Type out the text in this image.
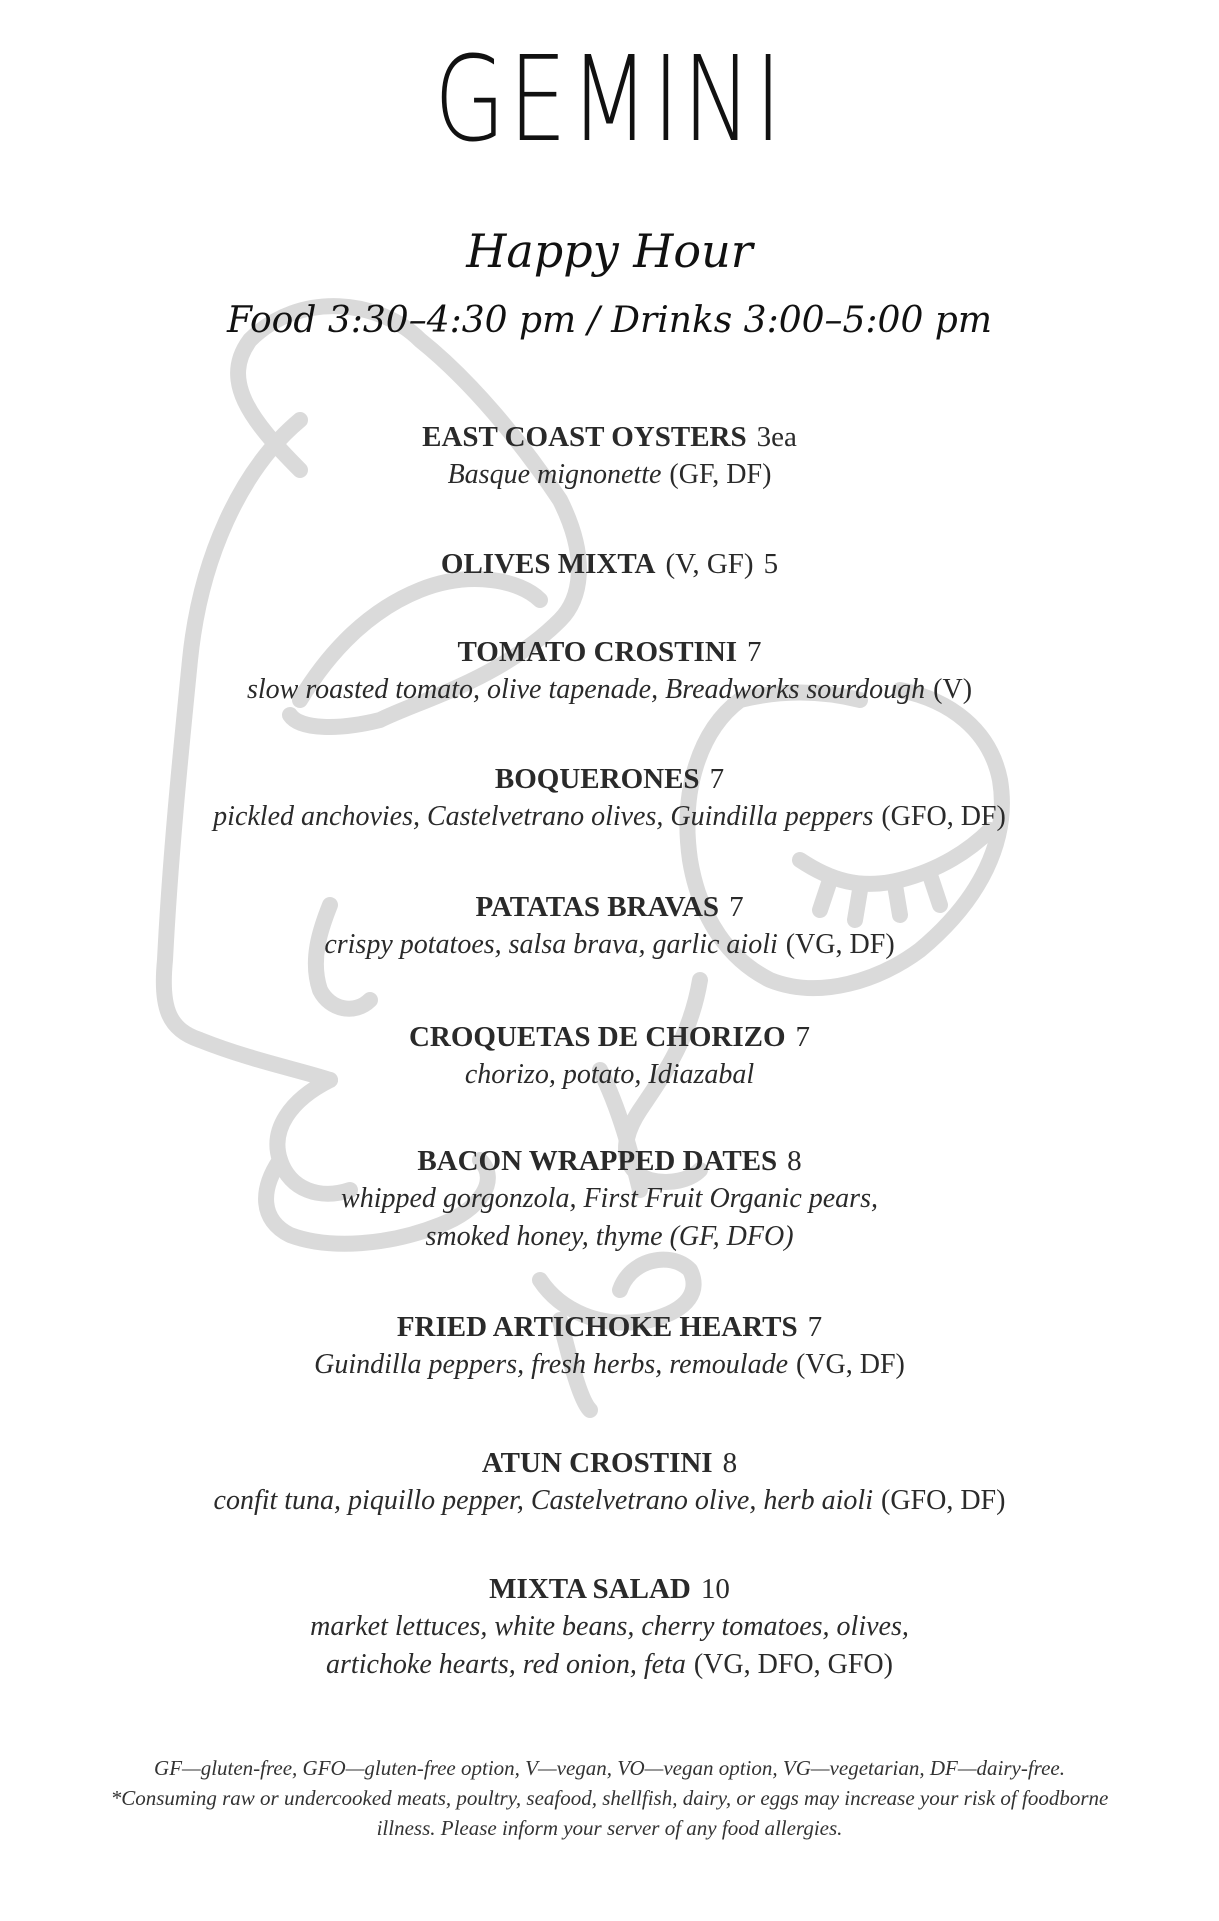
GEMINI
Happy Hour
Food 3:30–4:30 pm / Drinks 3:00–5:00 pm
EAST COAST OYSTERS 3ea
Basque mignonette (GF, DF)
OLIVES MIXTA (V, GF) 5
TOMATO CROSTINI 7
slow roasted tomato, olive tapenade, Breadworks sourdough (V)
BOQUERONES 7
pickled anchovies, Castelvetrano olives, Guindilla peppers (GFO, DF)
PATATAS BRAVAS 7
crispy potatoes, salsa brava, garlic aioli (VG, DF)
CROQUETAS DE CHORIZO 7
chorizo, potato, Idiazabal
BACON WRAPPED DATES 8
whipped gorgonzola, First Fruit Organic pears,
smoked honey, thyme (GF, DFO)
FRIED ARTICHOKE HEARTS 7
Guindilla peppers, fresh herbs, remoulade (VG, DF)
ATUN CROSTINI 8
confit tuna, piquillo pepper, Castelvetrano olive, herb aioli (GFO, DF)
MIXTA SALAD 10
market lettuces, white beans, cherry tomatoes, olives,
artichoke hearts, red onion, feta (VG, DFO, GFO)
GF—gluten-free, GFO—gluten-free option, V—vegan, VO—vegan option, VG—vegetarian, DF—dairy-free.
*Consuming raw or undercooked meats, poultry, seafood, shellfish, dairy, or eggs may increase your risk of foodborne
illness. Please inform your server of any food allergies.
